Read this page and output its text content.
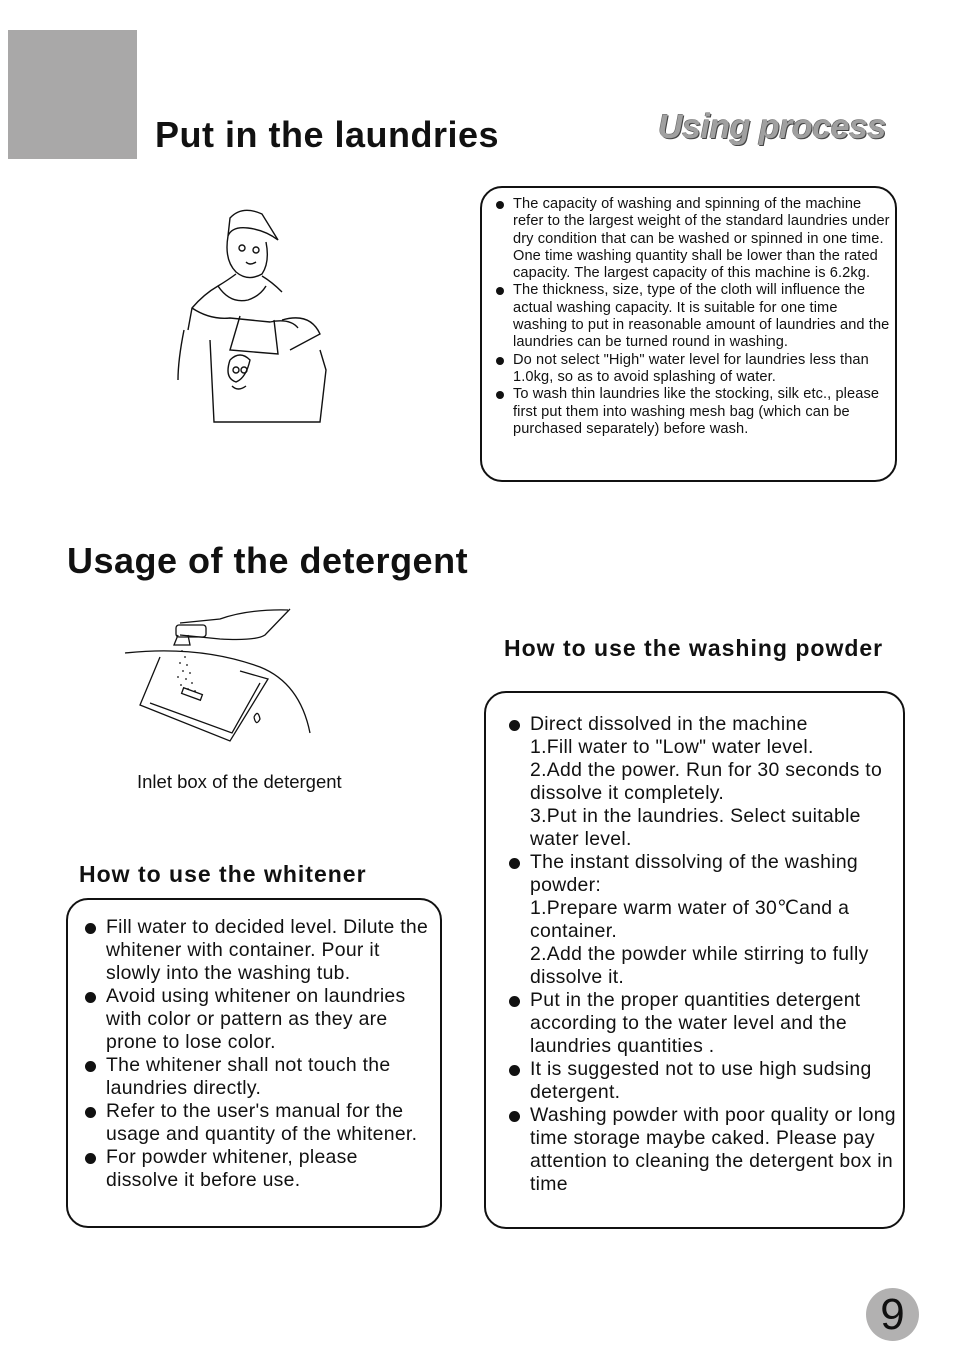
Put in the laundries	Using process
The capacity of washing and spinning of the machine refer to the largest weight of the standard laundries under dry condition that can be washed or spinned in one time. One time washing quantity shall be lower than the rated capacity. The largest capacity of this machine is 6.2kg.
The thickness, size, type of the cloth will influence the actual washing capacity. It is suitable for one time washing to put in reasonable amount of laundries and the laundries can be turned round in washing.
Do not select "High" water level for laundries less than 1.0kg, so as to avoid splashing of water.
To wash thin laundries like the stocking, silk etc., please first put them into washing mesh bag (which can be purchased separately) before wash.
Usage of the detergent
Inlet box of the detergent
How to use the whitener
Fill water to decided level. Dilute the whitener with container. Pour it slowly into the washing tub.
Avoid using whitener on laundries with color or pattern as they are prone to lose color.
The whitener shall not touch the laundries directly.
Refer to the user's manual for the usage and quantity of the whitener.
For powder whitener, please dissolve it before use.
How to use the washing powder
Direct dissolved in the machine
1.Fill water to "Low" water level.
2.Add the power. Run for 30 seconds to dissolve it completely.
3.Put in the laundries. Select suitable water level.
The instant dissolving of the washing powder:
1.Prepare warm water of 30℃and a container.
2.Add the powder while stirring to fully dissolve it.
Put in the proper quantities detergent according to the water level and the laundries quantities .
It is suggested not to use high sudsing detergent.
Washing powder with poor quality or long time storage maybe caked. Please pay attention to cleaning the detergent box in time
9
